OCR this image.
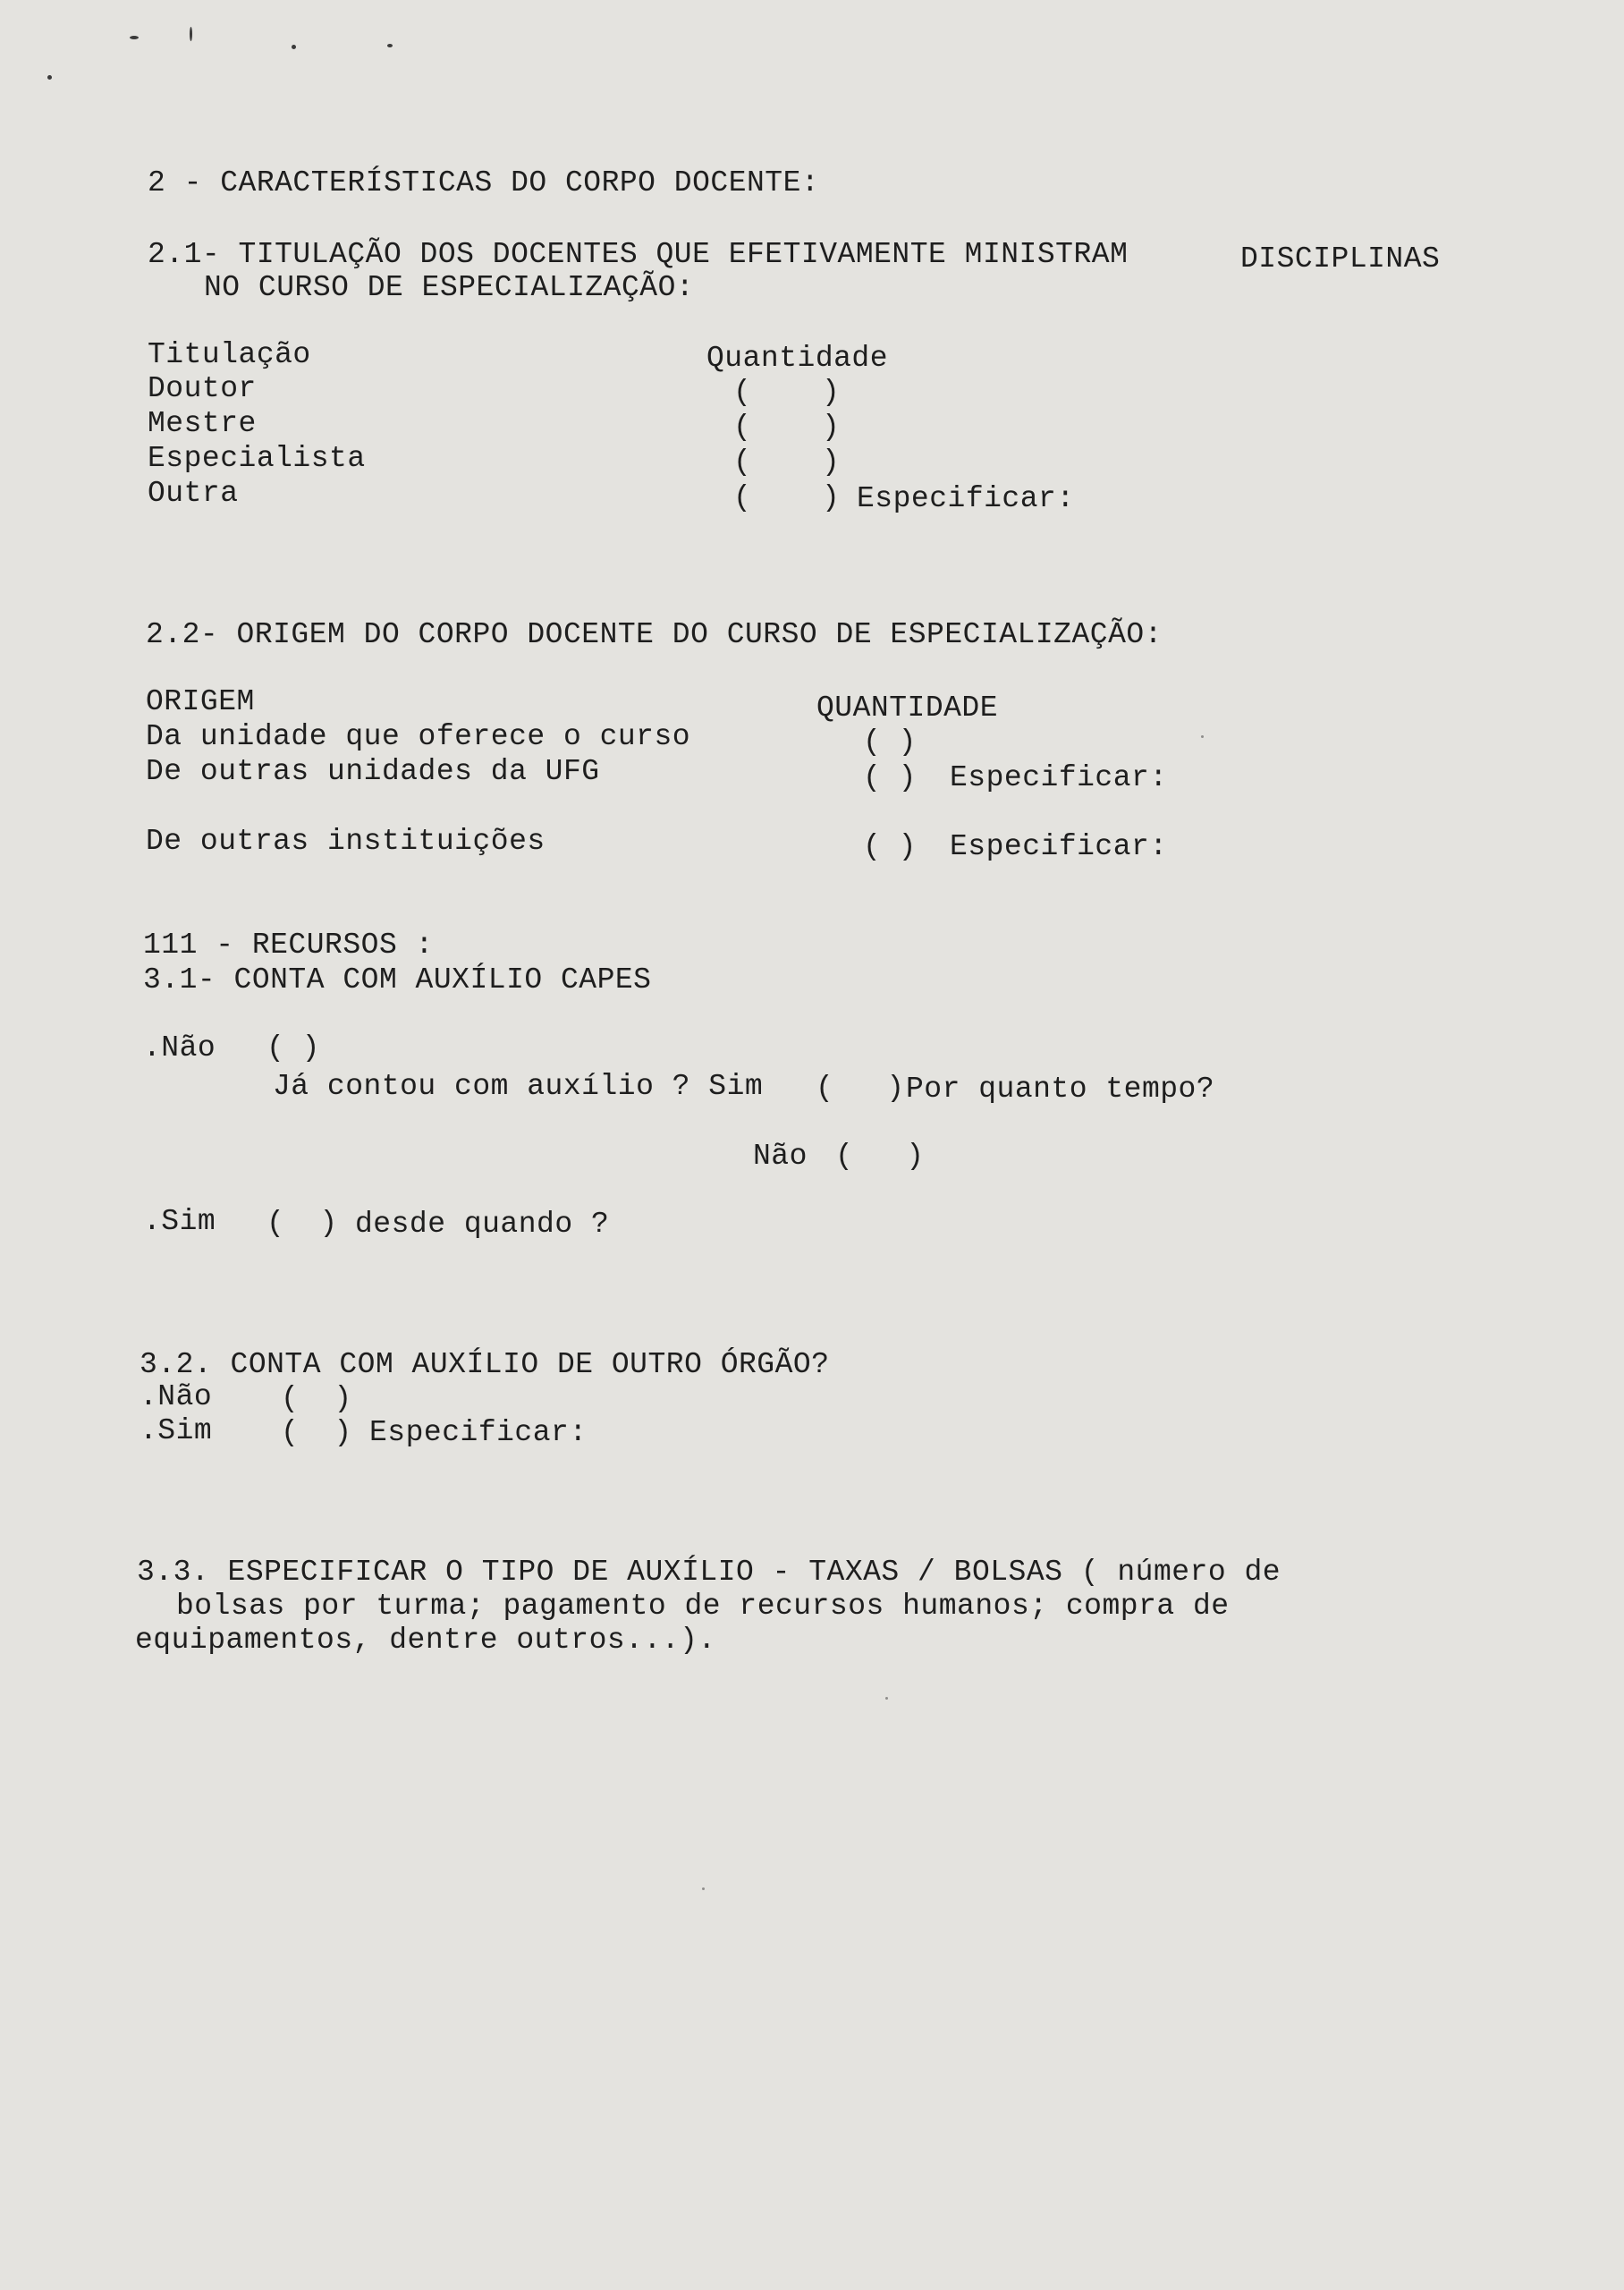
2 - CARACTERÍSTICAS DO CORPO DOCENTE:
2.1- TITULAÇÃO DOS DOCENTES QUE EFETIVAMENTE MINISTRAM	DISCIPLINAS
NO CURSO DE ESPECIALIZAÇÃO:
Titulação	Quantidade
Doutor	(    )
Mestre	(    )
Especialista	(    )
Outra	(    ) Especificar:
2.2- ORIGEM DO CORPO DOCENTE DO CURSO DE ESPECIALIZAÇÃO:
ORIGEM	QUANTIDADE
Da unidade que oferece o curso	( )
De outras unidades da UFG	( ) Especificar:
De outras instituições	( ) Especificar:
111 - RECURSOS :
3.1- CONTA COM AUXÍLIO CAPES
.Não ( )
Já contou com auxílio ? Sim (   ) Por quanto tempo?
Não (   )
.Sim (  ) desde quando ?
3.2. CONTA COM AUXÍLIO DE OUTRO ÓRGÃO?
.Não (  )
.Sim (  ) Especificar:
3.3. ESPECIFICAR O TIPO DE AUXÍLIO - TAXAS / BOLSAS ( número de
bolsas por turma; pagamento de recursos humanos; compra de
equipamentos, dentre outros...).
